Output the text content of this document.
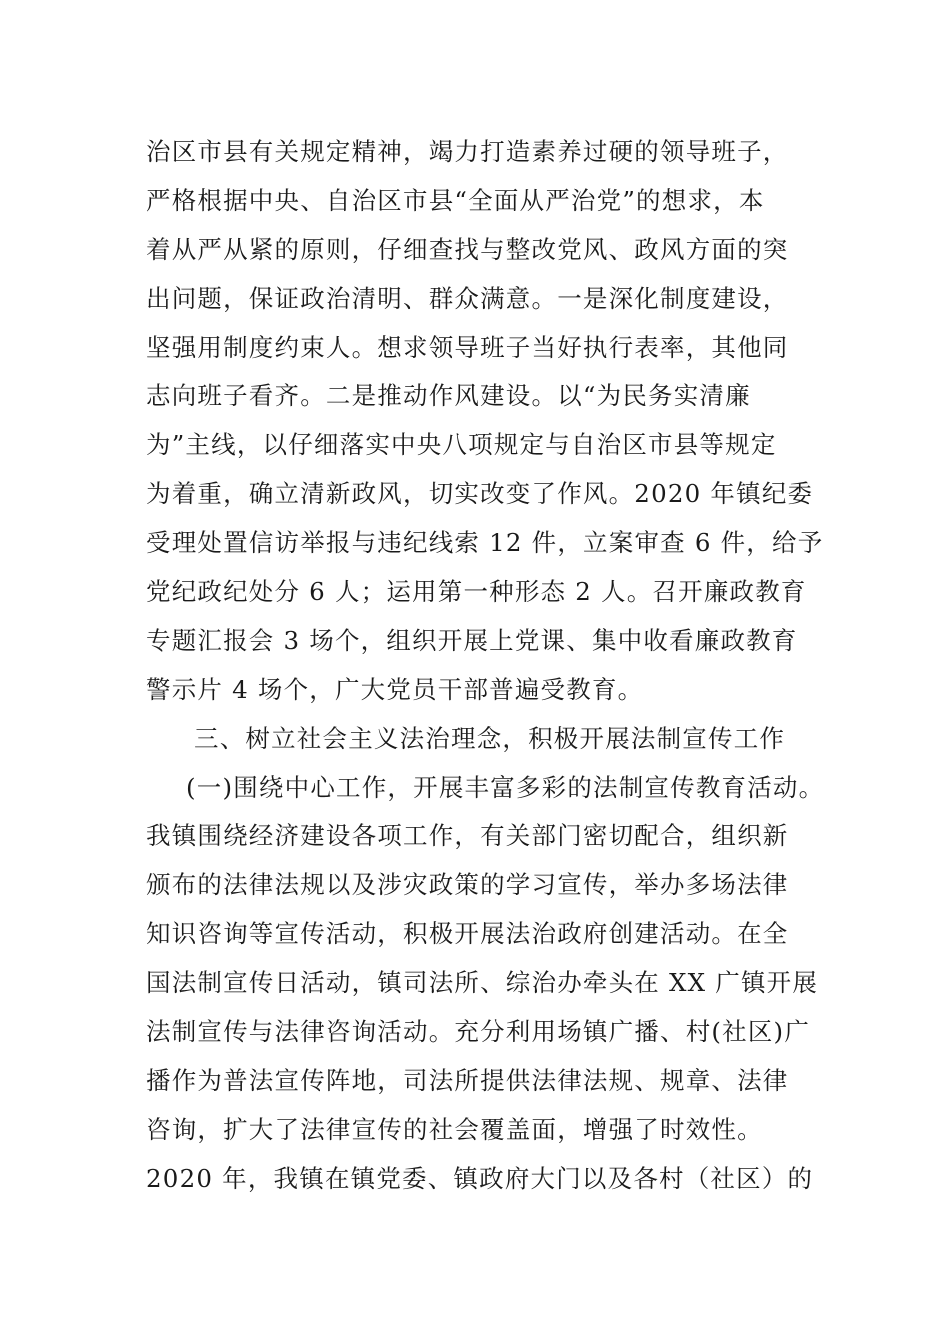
治区市县有关规定精神，竭力打造素养过硬的领导班子，
严格根据中央、自治区市县“全面从严治党”的想求，本
着从严从紧的原则，仔细查找与整改党风、政风方面的突
出问题，保证政治清明、群众满意。一是深化制度建设，
坚强用制度约束人。想求领导班子当好执行表率，其他同
志向班子看齐。二是推动作风建设。以“为民务实清廉
为”主线，以仔细落实中央八项规定与自治区市县等规定
为着重，确立清新政风，切实改变了作风。2020 年镇纪委
受理处置信访举报与违纪线索 12 件，立案审查 6 件，给予
党纪政纪处分 6 人；运用第一种形态 2 人。召开廉政教育
专题汇报会 3 场个，组织开展上党课、集中收看廉政教育
警示片 4 场个，广大党员干部普遍受教育。
三、树立社会主义法治理念，积极开展法制宣传工作
(一)围绕中心工作，开展丰富多彩的法制宣传教育活动。
我镇围绕经济建设各项工作，有关部门密切配合，组织新
颁布的法律法规以及涉灾政策的学习宣传，举办多场法律
知识咨询等宣传活动，积极开展法治政府创建活动。在全
国法制宣传日活动，镇司法所、综治办牵头在 XX 广镇开展
法制宣传与法律咨询活动。充分利用场镇广播、村(社区)广
播作为普法宣传阵地，司法所提供法律法规、规章、法律
咨询，扩大了法律宣传的社会覆盖面，增强了时效性。
2020 年，我镇在镇党委、镇政府大门以及各村（社区）的
